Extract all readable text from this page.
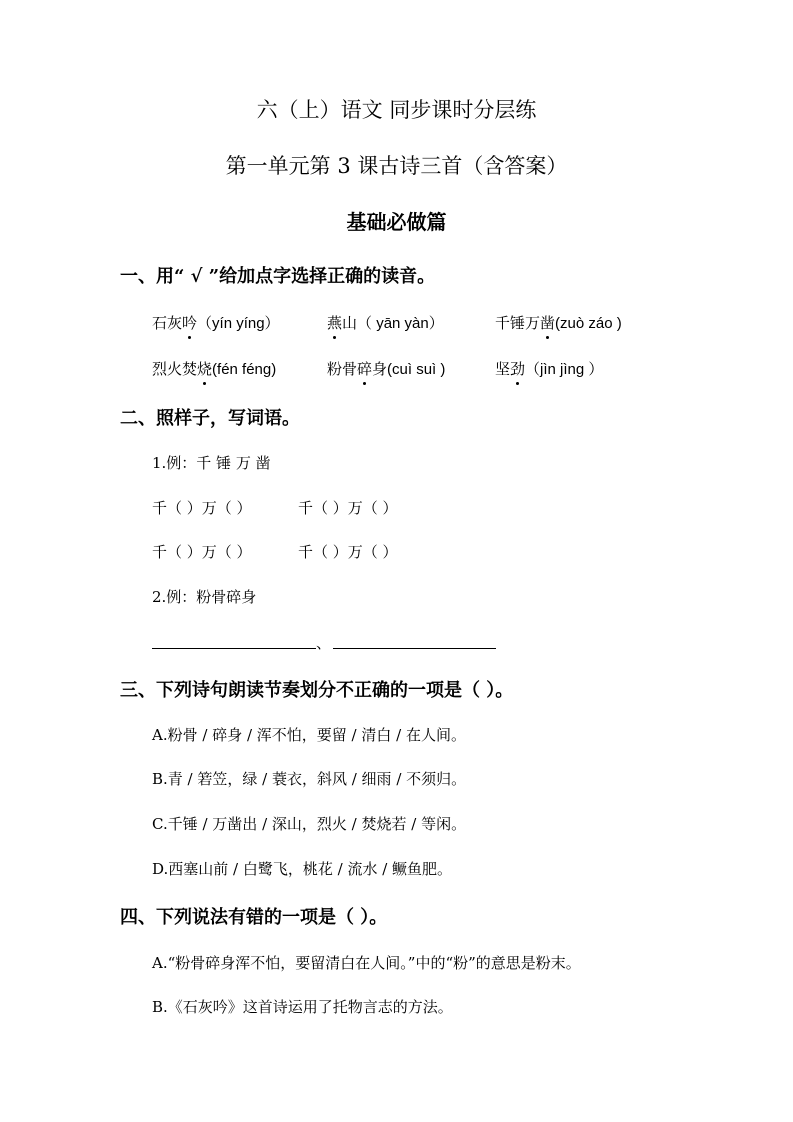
六（上）语文 同步课时分层练
第一单元第 3 课古诗三首（含答案）
基础必做篇
一、用“ √ ”给加点字选择正确的读音。
石灰吟（yín yíng）	燕山（ yān yàn）	千锤万凿(zuò záo )
烈火焚烧(fén féng)	粉骨碎身(cuì suì )	坚劲（jìn jìng ）
二、照样子，写词语。
1.例：千 锤 万 凿
千（ ）万（ ）	千（ ）万（ ）
千（ ）万（ ）	千（ ）万（ ）
2.例：粉骨碎身
、
三、下列诗句朗读节奏划分不正确的一项是（ ）。
A.粉骨 / 碎身 / 浑不怕，要留 / 清白 / 在人间。
B.青 / 箬笠，绿 / 蓑衣，斜风 / 细雨 / 不须归。
C.千锤 / 万凿出 / 深山，烈火 / 焚烧若 / 等闲。
D.西塞山前 / 白鹭飞，桃花 / 流水 / 鳜鱼肥。
四、下列说法有错的一项是（ ）。
A.“粉骨碎身浑不怕，要留清白在人间。”中的“粉”的意思是粉末。
B.《石灰吟》这首诗运用了托物言志的方法。
